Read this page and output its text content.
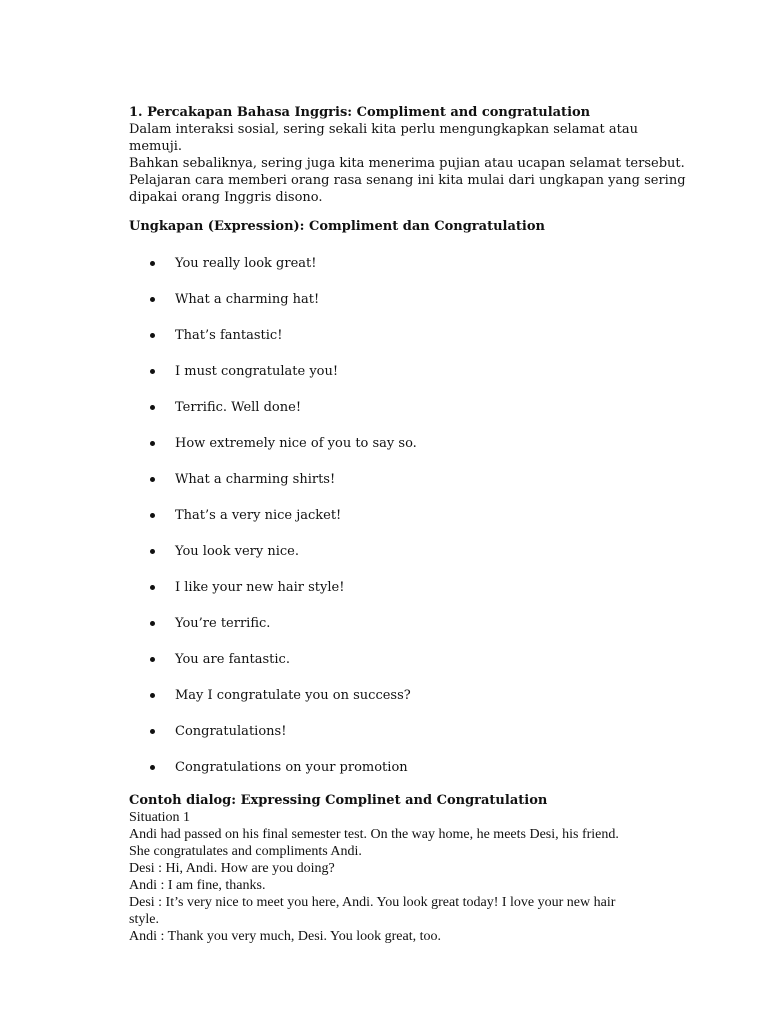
1. Percakapan Bahasa Inggris: Compliment and congratulation

Dalam interaksi sosial, sering sekali kita perlu mengungkapkan selamat atau memuji.

Bahkan sebaliknya, sering juga kita menerima pujian atau ucapan selamat tersebut.

Pelajaran cara memberi orang rasa senang ini kita mulai dari ungkapan yang sering

dipakai orang Inggris disono.

Ungkapan (Expression): Compliment dan Congratulation

You really look great!
What a charming hat!
That’s fantastic!
I must congratulate you!
Terrific. Well done!
How extremely nice of you to say so.
What a charming shirts!
That’s a very nice jacket!
You look very nice.
I like your new hair style!
You’re terrific.
You are fantastic.
May I congratulate you on success?
Congratulations!
Congratulations on your promotion

Contoh dialog: Expressing Complinet and Congratulation

Situation 1

Andi had passed on his final semester test. On the way home, he meets Desi, his friend.

She congratulates and compliments Andi.

Desi : Hi, Andi. How are you doing?

Andi : I am fine, thanks.

Desi : It’s very nice to meet you here, Andi. You look great today! I love your new hair

style.

Andi : Thank you very much, Desi. You look great, too.
